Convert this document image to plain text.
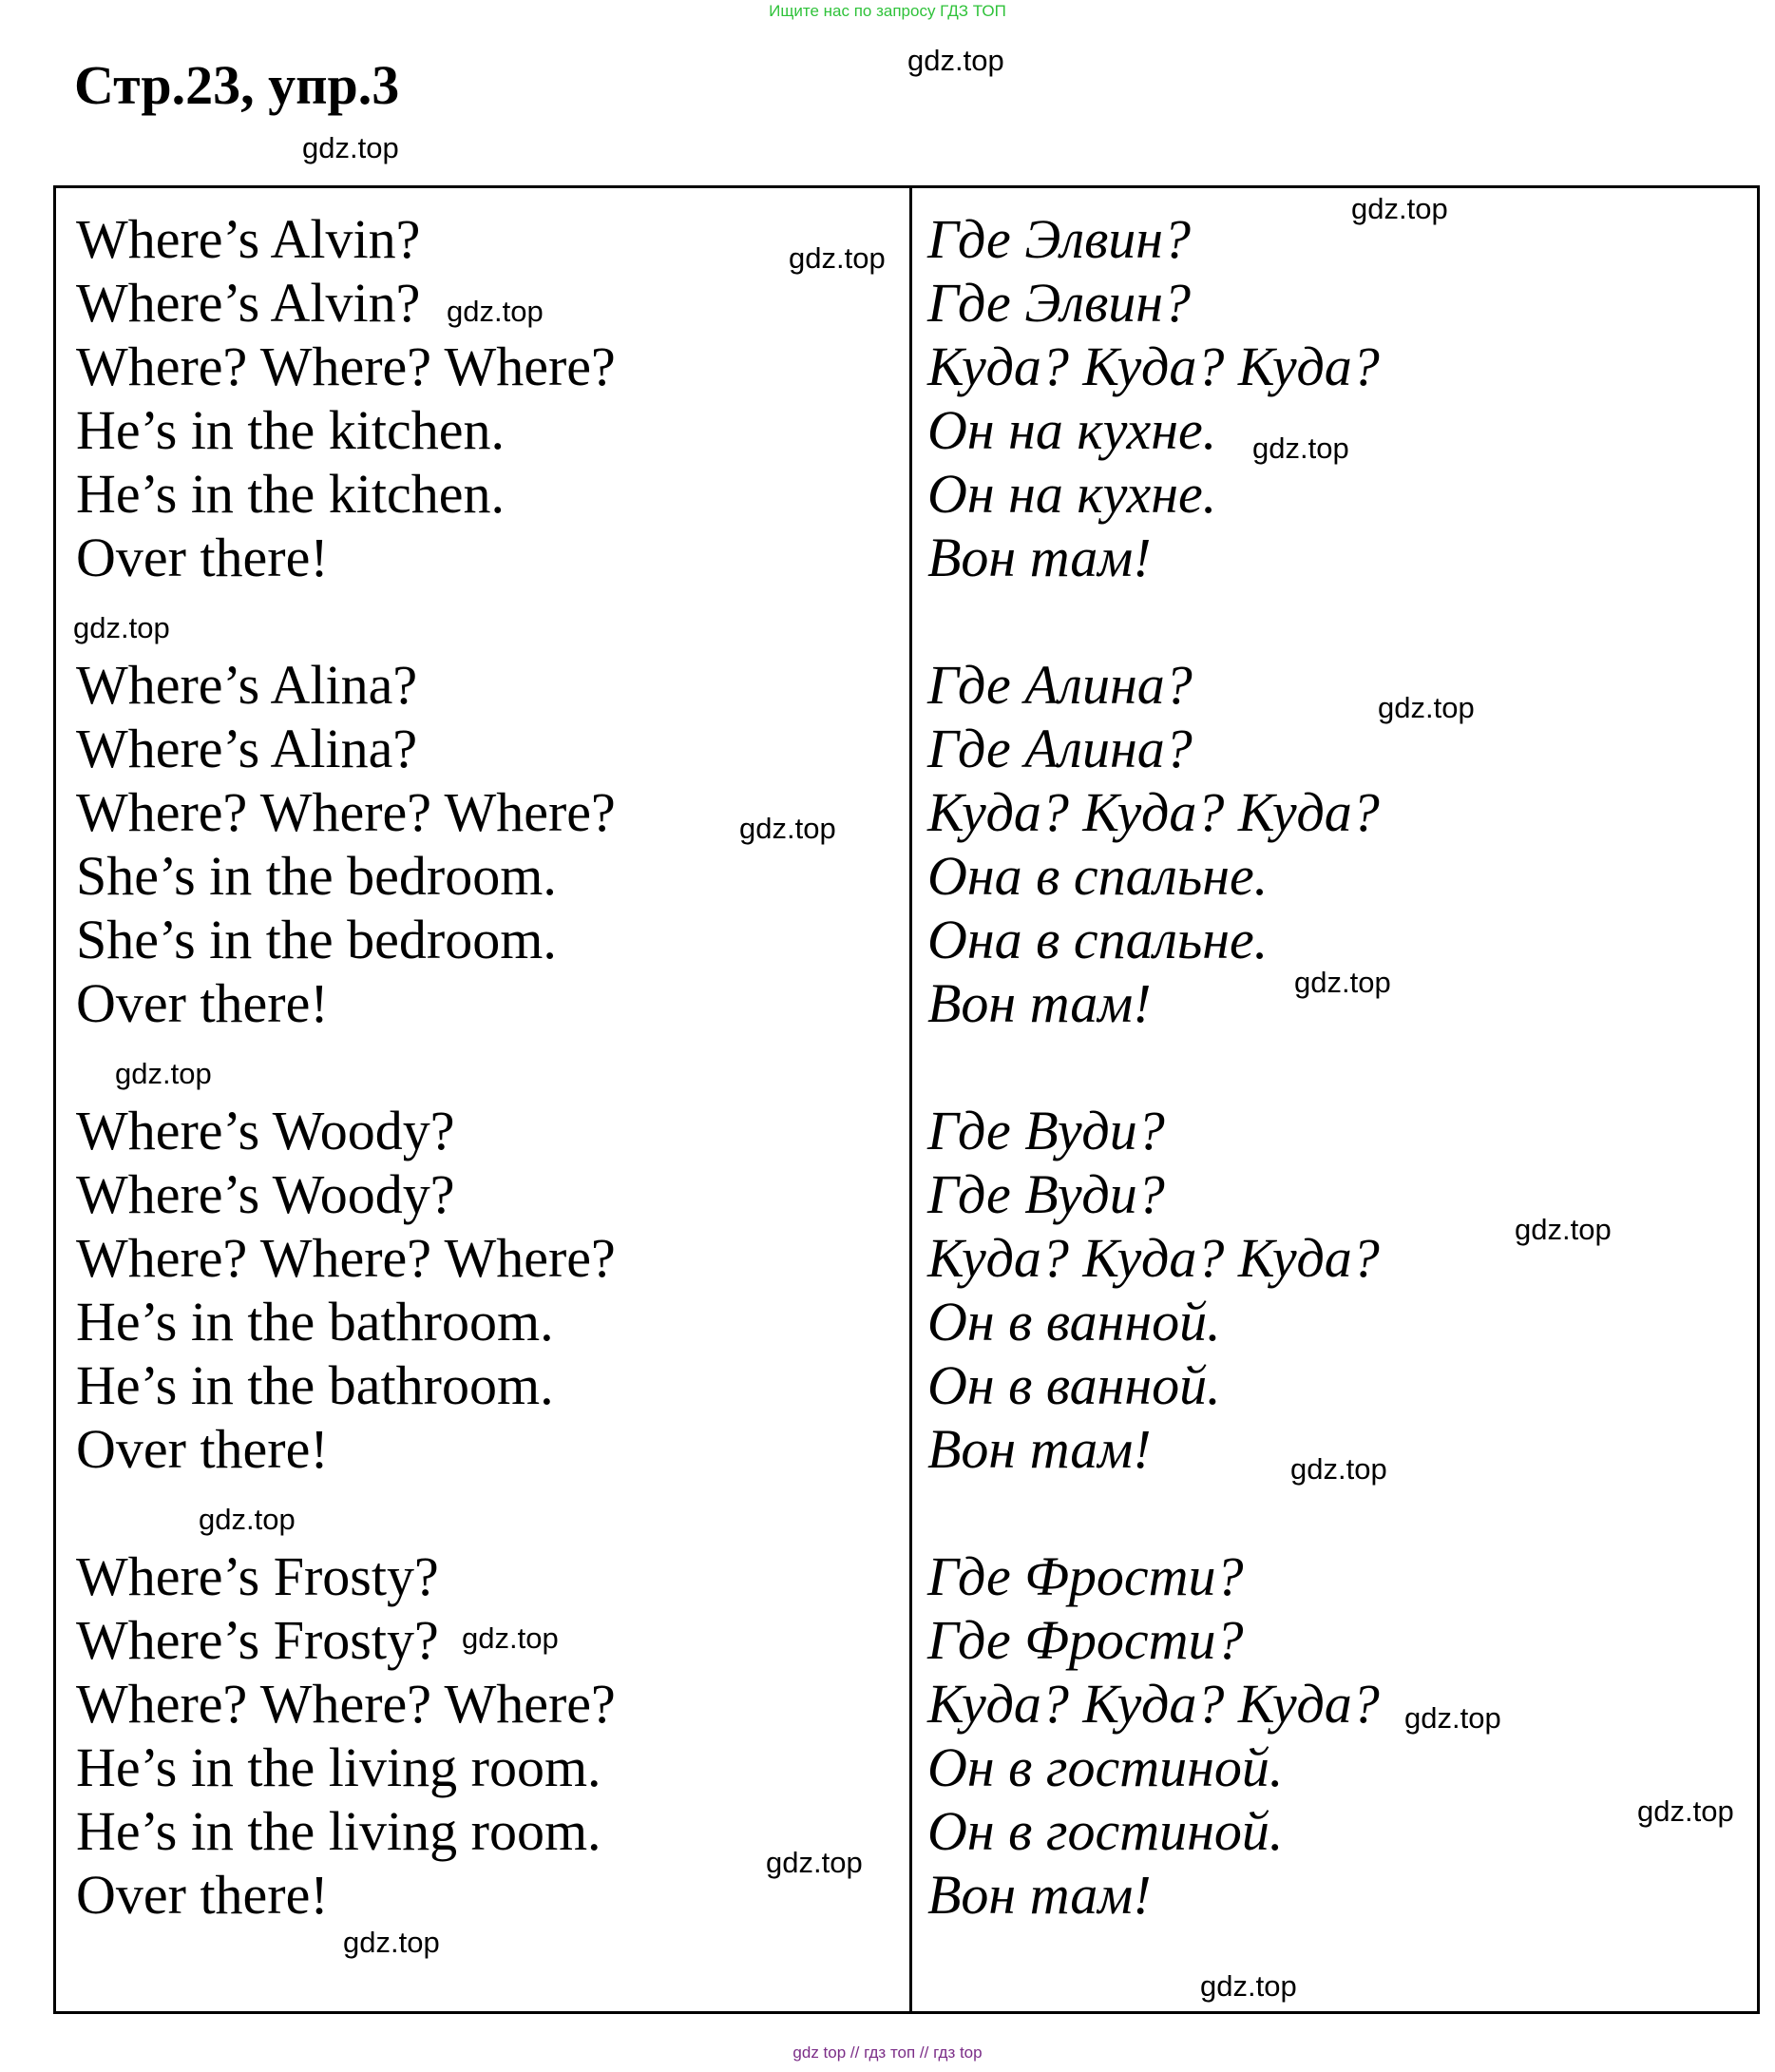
Ищите нас по запросу ГДЗ ТОП
Стр.23, упр.3
Where’s Alvin?
Where’s Alvin?
Where? Where? Where?
He’s in the kitchen.
He’s in the kitchen.
Over there!
Where’s Alina?
Where’s Alina?
Where? Where? Where?
She’s in the bedroom.
She’s in the bedroom.
Over there!
Where’s Woody?
Where’s Woody?
Where? Where? Where?
He’s in the bathroom.
He’s in the bathroom.
Over there!
Where’s Frosty?
Where’s Frosty?
Where? Where? Where?
He’s in the living room.
He’s in the living room.
Over there!
Где Элвин?
Где Элвин?
Куда? Куда? Куда?
Он на кухне.
Он на кухне.
Вон там!
Где Алина?
Где Алина?
Куда? Куда? Куда?
Она в спальне.
Она в спальне.
Вон там!
Где Вуди?
Где Вуди?
Куда? Куда? Куда?
Он в ванной.
Он в ванной.
Вон там!
Где Фрости?
Где Фрости?
Куда? Куда? Куда?
Он в гостиной.
Он в гостиной.
Вон там!
gdz.top
gdz.top
gdz.top
gdz.top
gdz.top
gdz.top
gdz.top
gdz.top
gdz.top
gdz.top
gdz.top
gdz.top
gdz.top
gdz.top
gdz.top
gdz.top
gdz.top
gdz.top
gdz.top
gdz.top
gdz top // гдз топ // гдз top
